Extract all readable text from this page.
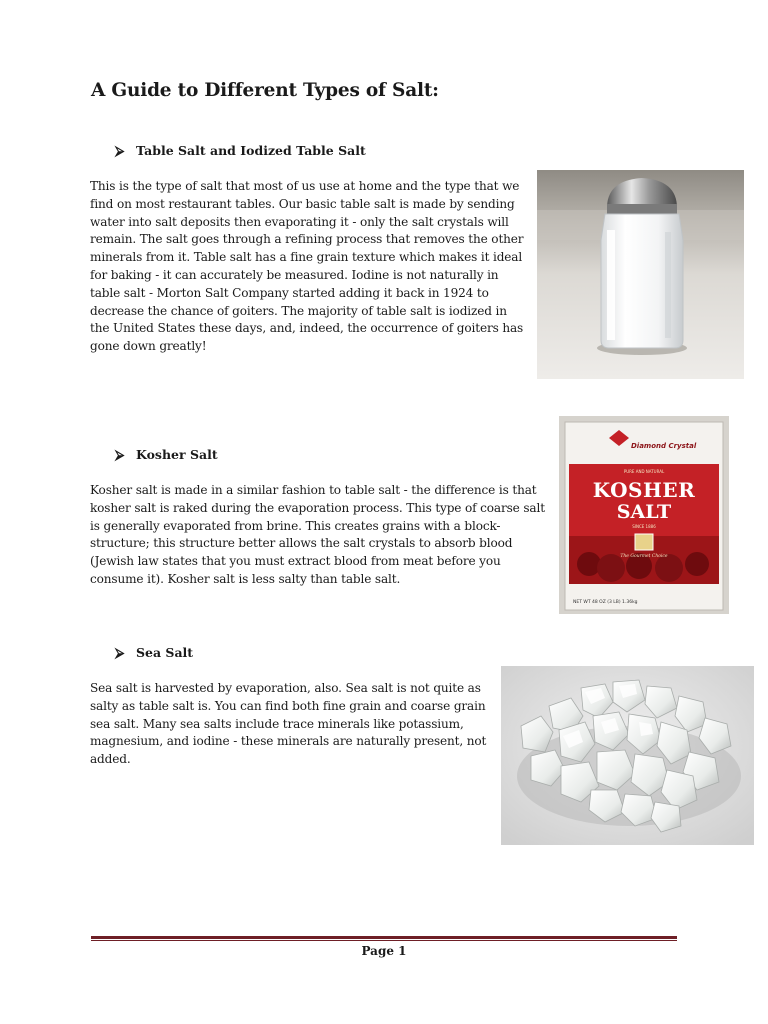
A Guide to Different Types of Salt:
⮚ Table Salt and Iodized Table Salt

This is the type of salt that most of us use at home and the type that we find on most restaurant tables. Our basic table salt is made by sending water into salt deposits then evaporating it - only the salt crystals will remain. The salt goes through a refining process that removes the other minerals from it. Table salt has a fine grain texture which makes it ideal for baking - it can accurately be measured. Iodine is not naturally in table salt - Morton Salt Company started adding it back in 1924 to decrease the chance of goiters. The majority of table salt is iodized in the United States these days, and, indeed, the occurrence of goiters has gone down greatly!

⮚ Kosher Salt

Kosher salt is made in a similar fashion to table salt - the difference is that kosher salt is raked during the evaporation process. This type of coarse salt is generally evaporated from brine. This creates grains with a block-structure; this structure better allows the salt crystals to absorb blood (Jewish law states that you must extract blood from meat before you consume it). Kosher salt is less salty than table salt.

Diamond Crystal
PURE AND NATURAL
KOSHER
SALT
SINCE 1886
The Gourmet Choice
NET WT 48 OZ (3 LB) 1.36kg
⮚ Sea Salt

Sea salt is harvested by evaporation, also. Sea salt is not quite as salty as table salt is. You can find both fine grain and coarse grain sea salt. Many sea salts include trace minerals like potassium, magnesium, and iodine - these minerals are naturally present, not added.

Page 1
